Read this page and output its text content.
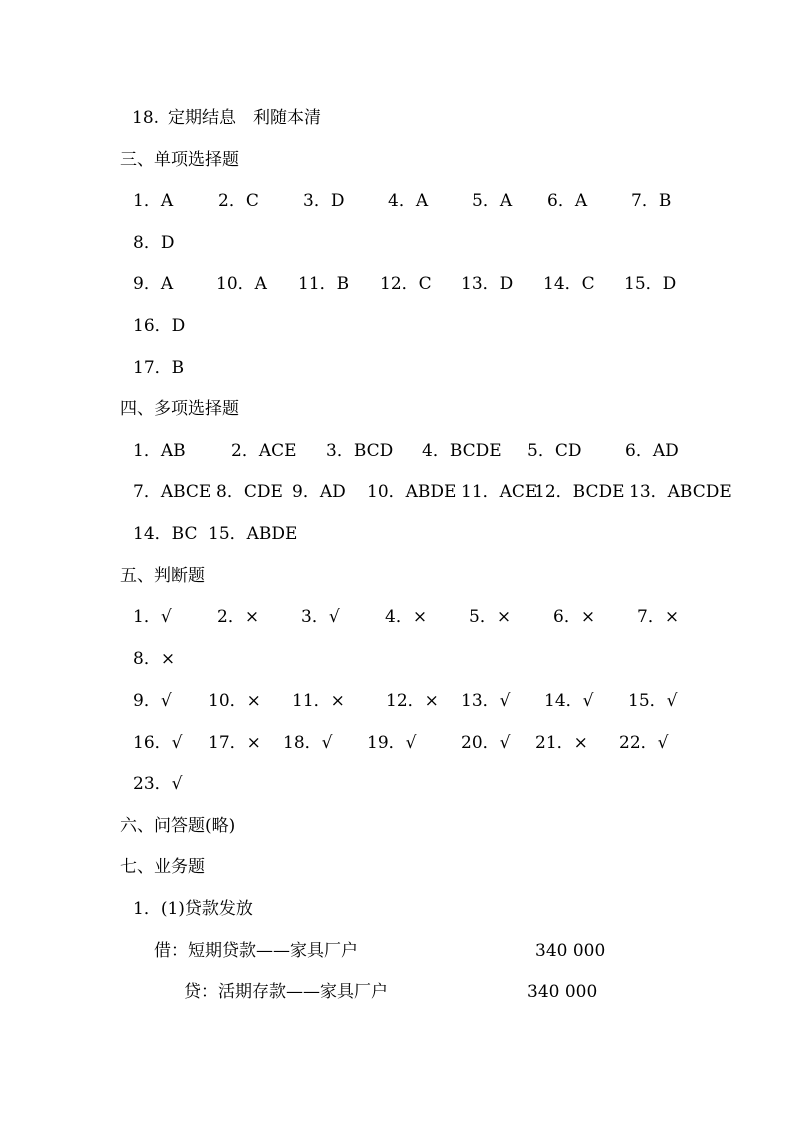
18. 定期结息　利随本清
三、单项选择题
1．A	2．C	3．D	4．A	5．A 6．A	7．B
8．D
9．A	10．A 11．B 12．C 13．D 14．C 15．D
16．D
17．B
四、多项选择题
1．AB	2．ACE 3．BCD 4．BCDE 5．CD	6．AD
7．ABCE 8．CDE 9．AD 10．ABDE 11．ACE
12．BCDE 13．ABCDE
14．BC 15．ABDE
五、判断题
1．√	2．× 3．√	4．× 5．× 6．× 7．×
8．×
9．√ 10．× 11．× 12．× 13．√ 14．√ 15．√
16．√ 17．× 18．√ 19．√	20．√ 21．× 22．√
23．√
六、问答题(略)
七、业务题
1．(1)贷款发放
借：短期贷款——家具厂户	340 000
贷：活期存款——家具厂户	340 000
